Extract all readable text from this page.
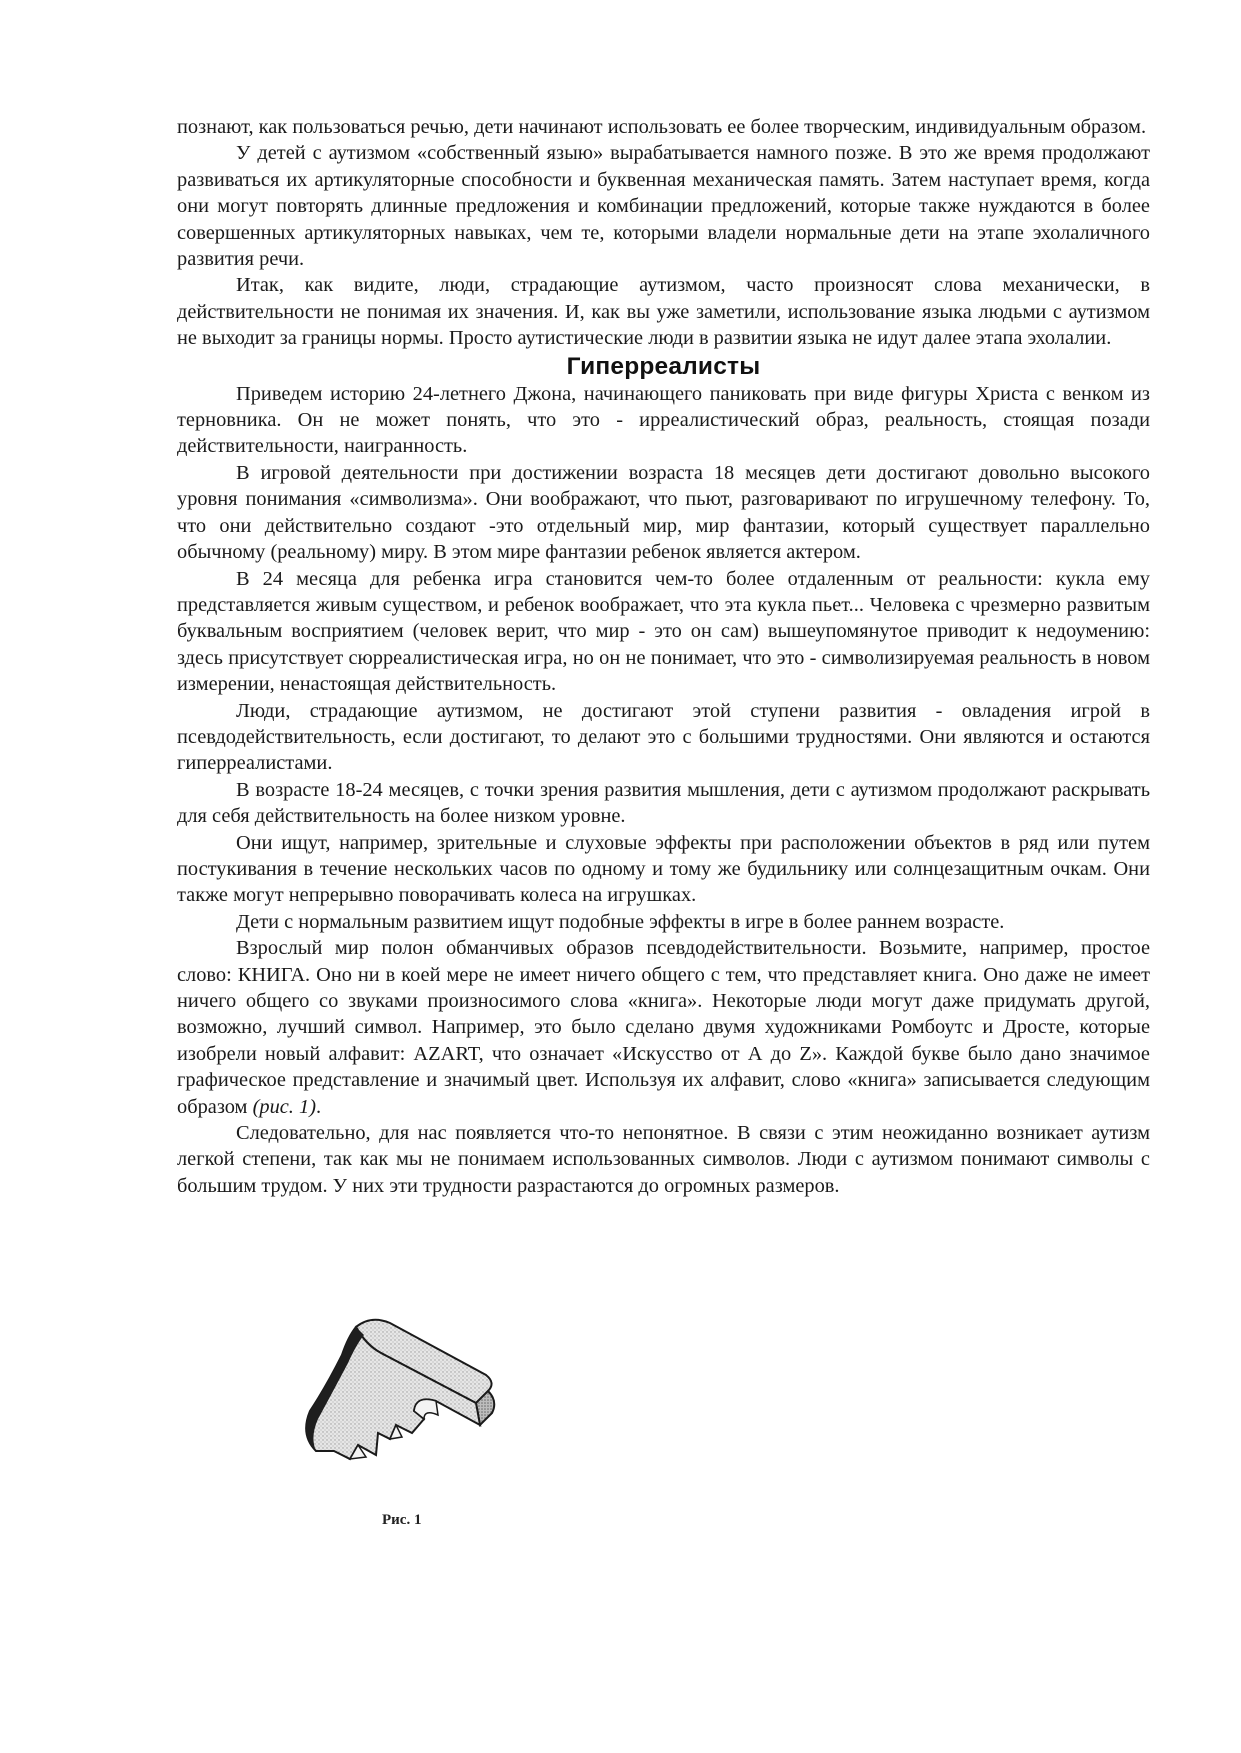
познают, как пользоваться речью, дети начинают использовать ее более творческим, индивидуальным образом.

У детей с аутизмом «собственный языю» вырабатывается намного позже. В это же время продолжают развиваться их артикуляторные способности и буквенная механическая память. Затем наступает время, когда они могут повторять длинные предложения и комбинации предложений, которые также нуждаются в более совершенных артикуляторных навыках, чем те, которыми владели нормальные дети на этапе эхолаличного развития речи.

Итак, как видите, люди, страдающие аутизмом, часто произносят слова механически, в действительности не понимая их значения. И, как вы уже заметили, использование языка людьми с аутизмом не выходит за границы нормы. Просто аутистические люди в развитии языка не идут далее этапа эхолалии.

Гиперреалисты

Приведем историю 24-летнего Джона, начинающего паниковать при виде фигуры Христа с венком из терновника. Он не может понять, что это - ирреалистический образ, реальность, стоящая позади действительности, наигранность.

В игровой деятельности при достижении возраста 18 месяцев дети достигают довольно высокого уровня понимания «символизма». Они воображают, что пьют, разговаривают по игрушечному телефону. То, что они действительно создают -это отдельный мир, мир фантазии, который существует параллельно обычному (реальному) миру. В этом мире фантазии ребенок является актером.

В 24 месяца для ребенка игра становится чем-то более отдаленным от реальности: кукла ему представляется живым существом, и ребенок воображает, что эта кукла пьет... Человека с чрезмерно развитым буквальным восприятием (человек верит, что мир - это он сам) вышеупомянутое приводит к недоумению: здесь присутствует сюрреалистическая игра, но он не понимает, что это - символизируемая реальность в новом измерении, ненастоящая действительность.

Люди, страдающие аутизмом, не достигают этой ступени развития - овладения игрой в псевдодействительность, если достигают, то делают это с большими трудностями. Они являются и остаются гиперреалистами.

В возрасте 18-24 месяцев, с точки зрения развития мышления, дети с аутизмом продолжают раскрывать для себя действительность на более низком уровне.

Они ищут, например, зрительные и слуховые эффекты при расположении объектов в ряд или путем постукивания в течение нескольких часов по одному и тому же будильнику или солнцезащитным очкам. Они также могут непрерывно поворачивать колеса на игрушках.

Дети с нормальным развитием ищут подобные эффекты в игре в более раннем возрасте.

Взрослый мир полон обманчивых образов псевдодействительности. Возьмите, например, простое слово: КНИГА. Оно ни в коей мере не имеет ничего общего с тем, что представляет книга. Оно даже не имеет ничего общего со звуками произносимого слова «книга». Некоторые люди могут даже придумать другой, возможно, лучший символ. Например, это было сделано двумя художниками Ромбоутс и Дросте, которые изобрели новый алфавит: AZART, что означает «Искусство от А до Z». Каждой букве было дано значимое графическое представление и значимый цвет. Используя их алфавит, слово «книга» записывается следующим образом (рис. 1).

Следовательно, для нас появляется что-то непонятное. В связи с этим неожиданно возникает аутизм легкой степени, так как мы не понимаем использованных символов. Люди с аутизмом понимают символы с большим трудом. У них эти трудности разрастаются до огромных размеров.

Рис. 1
